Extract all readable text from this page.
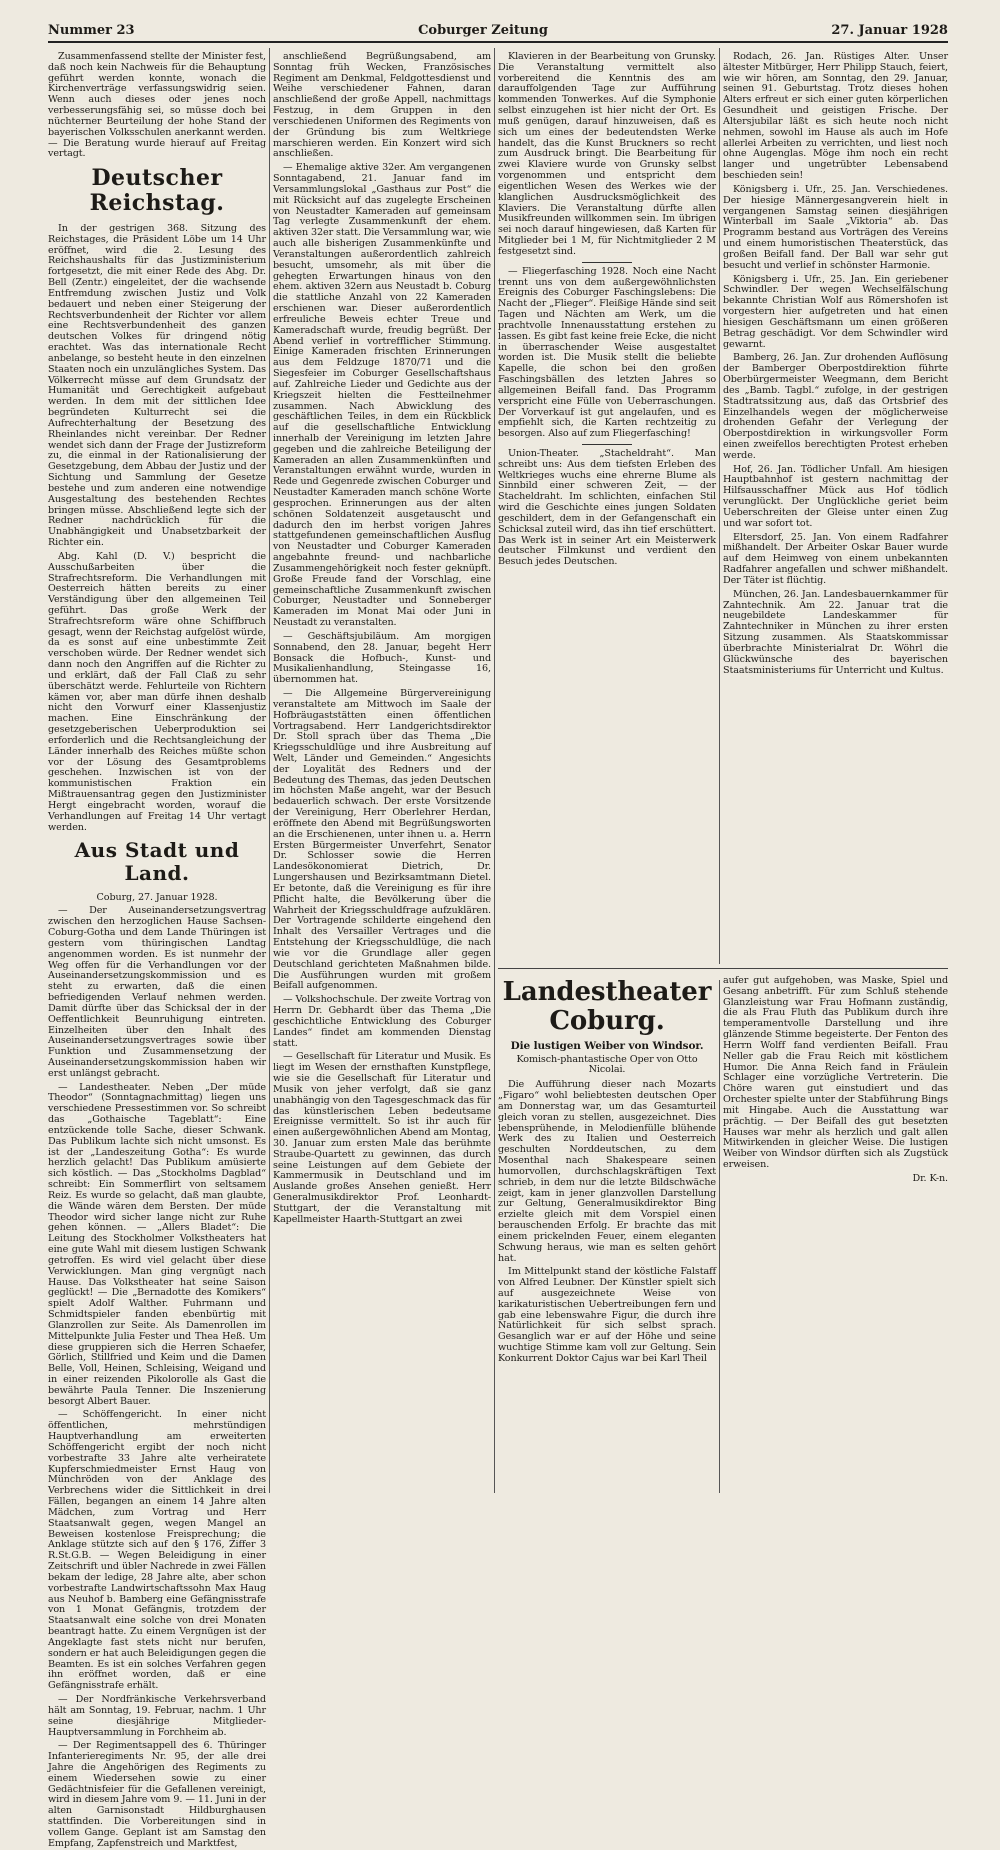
Nummer 23	Coburger Zeitung	27. Januar 1928

Zusammenfassend stellte der Minister fest, daß noch kein Nachweis für die Behauptung geführt werden konnte, wonach die Kirchenverträge verfassungswidrig seien. Wenn auch dieses oder jenes noch verbesserungsfähig sei, so müsse doch bei nüchterner Beurteilung der hohe Stand der bayerischen Volksschulen anerkannt werden. — Die Beratung wurde hierauf auf Freitag vertagt.

Deutscher Reichstag.

In der gestrigen 368. Sitzung des Reichstages, die Präsident Löbe um 14 Uhr eröffnet, wird die 2. Lesung des Reichshaushalts für das Justizministerium fortgesetzt, die mit einer Rede des Abg. Dr. Bell (Zentr.) eingeleitet, der die wachsende Entfremdung zwischen Justiz und Volk bedauert und neben einer Steigerung der Rechtsverbundenheit der Richter vor allem eine Rechtsverbundenheit des ganzen deutschen Volkes für dringend nötig erachtet. Was das internationale Recht anbelange, so besteht heute in den einzelnen Staaten noch ein unzulängliches System. Das Völkerrecht müsse auf dem Grundsatz der Humanität und Gerechtigkeit aufgebaut werden. In dem mit der sittlichen Idee begründeten Kulturrecht sei die Aufrechterhaltung der Besetzung des Rheinlandes nicht vereinbar. Der Redner wendet sich dann der Frage der Justizreform zu, die einmal in der Rationalisierung der Gesetzgebung, dem Abbau der Justiz und der Sichtung und Sammlung der Gesetze bestehe und zum anderen eine notwendige Ausgestaltung des bestehenden Rechtes bringen müsse. Abschließend legte sich der Redner nachdrücklich für die Unabhängigkeit und Unabsetzbarkeit der Richter ein.

Abg. Kahl (D. V.) bespricht die Ausschußarbeiten über die Strafrechtsreform. Die Verhandlungen mit Oesterreich hätten bereits zu einer Verständigung über den allgemeinen Teil geführt. Das große Werk der Strafrechtsreform wäre ohne Schiffbruch gesagt, wenn der Reichstag aufgelöst würde, da es sonst auf eine unbestimmte Zeit verschoben würde. Der Redner wendet sich dann noch den Angriffen auf die Richter zu und erklärt, daß der Fall Claß zu sehr überschätzt werde. Fehlurteile von Richtern kämen vor, aber man dürfe ihnen deshalb nicht den Vorwurf einer Klassenjustiz machen. Eine Einschränkung der gesetzgeberischen Ueberproduktion sei erforderlich und die Rechtsangleichung der Länder innerhalb des Reiches müßte schon vor der Lösung des Gesamtproblems geschehen. Inzwischen ist von der kommunistischen Fraktion ein Mißtrauensantrag gegen den Justizminister Hergt eingebracht worden, worauf die Verhandlungen auf Freitag 14 Uhr vertagt werden.

Aus Stadt und Land.

Coburg, 27. Januar 1928.

— Der Auseinandersetzungsvertrag zwischen den herzoglichen Hause Sachsen-Coburg-Gotha und dem Lande Thüringen ist gestern vom thüringischen Landtag angenommen worden. Es ist nunmehr der Weg offen für die Verhandlungen vor der Auseinandersetzungskommission und es steht zu erwarten, daß die einen befriedigenden Verlauf nehmen werden. Damit dürfte über das Schicksal der in der Oeffentlichkeit Beunruhigung eintreten. Einzelheiten über den Inhalt des Auseinandersetzungsvertrages sowie über Funktion und Zusammensetzung der Auseinandersetzungskommission haben wir erst unlängst gebracht.

— Landestheater. Neben „Der müde Theodor“ (Sonntagnachmittag) liegen uns verschiedene Pressestimmen vor. So schreibt das „Gothaische Tageblatt“: Eine entzückende tolle Sache, dieser Schwank. Das Publikum lachte sich nicht umsonst. Es ist der „Landeszeitung Gotha“: Es wurde herzlich gelacht! Das Publikum amüsierte sich köstlich. — Das „Stockholms Dagblad“ schreibt: Ein Sommerflirt von seltsamem Reiz. Es wurde so gelacht, daß man glaubte, die Wände wären dem Bersten. Der müde Theodor wird sicher lange nicht zur Ruhe gehen können. — „Allers Bladet“: Die Leitung des Stockholmer Volkstheaters hat eine gute Wahl mit diesem lustigen Schwank getroffen. Es wird viel gelacht über diese Verwicklungen. Man ging vergnügt nach Hause. Das Volkstheater hat seine Saison geglückt! — Die „Bernadotte des Komikers“ spielt Adolf Walther. Fuhrmann und Schmidtspieler fanden ebenbürtig mit Glanzrollen zur Seite. Als Damenrollen im Mittelpunkte Julia Fester und Thea Heß. Um diese gruppieren sich die Herren Schaefer, Görlich, Stillfried und Keim und die Damen Belle, Voll, Heinen, Schleising, Weigand und in einer reizenden Pikolorolle als Gast die bewährte Paula Tenner. Die Inszenierung besorgt Albert Bauer.

— Schöffengericht. In einer nicht öffentlichen, mehrstündigen Hauptverhandlung am erweiterten Schöffengericht ergibt der noch nicht vorbestrafte 33 Jahre alte verheiratete Kupferschmiedmeister Ernst Haug von Münchröden von der Anklage des Verbrechens wider die Sittlichkeit in drei Fällen, begangen an einem 14 Jahre alten Mädchen, zum Vortrag und Herr Staatsanwalt gegen, wegen Mangel an Beweisen kostenlose Freisprechung; die Anklage stützte sich auf den § 176, Ziffer 3 R.St.G.B. — Wegen Beleidigung in einer Zeitschrift und übler Nachrede in zwei Fällen bekam der ledige, 28 Jahre alte, aber schon vorbestrafte Landwirtschaftssohn Max Haug aus Neuhof b. Bamberg eine Gefängnisstrafe von 1 Monat Gefängnis, trotzdem der Staatsanwalt eine solche von drei Monaten beantragt hatte. Zu einem Vergnügen ist der Angeklagte fast stets nicht nur berufen, sondern er hat auch Beleidigungen gegen die Beamten. Es ist ein solches Verfahren gegen ihn eröffnet worden, daß er eine Gefängnisstrafe erhält.

— Der Nordfränkische Verkehrsverband hält am Sonntag, 19. Februar, nachm. 1 Uhr seine diesjährige Mitglieder-Hauptversammlung in Forchheim ab.

— Der Regimentsappell des 6. Thüringer Infanterieregiments Nr. 95, der alle drei Jahre die Angehörigen des Regiments zu einem Wiedersehen sowie zu einer Gedächtnisfeier für die Gefallenen vereinigt, wird in diesem Jahre vom 9. — 11. Juni in der alten Garnisonstadt Hildburghausen stattfinden. Die Vorbereitungen sind in vollem Gange. Geplant ist am Samstag den Empfang, Zapfenstreich und Marktfest,

anschließend Begrüßungsabend, am Sonntag früh Wecken, Französisches Regiment am Denkmal, Feldgottesdienst und Weihe verschiedener Fahnen, daran anschließend der große Appell, nachmittags Festzug, in dem Gruppen in den verschiedenen Uniformen des Regiments von der Gründung bis zum Weltkriege marschieren werden. Ein Konzert wird sich anschließen.

— Ehemalige aktive 32er. Am vergangenen Sonntagabend, 21. Januar fand im Versammlungslokal „Gasthaus zur Post“ die mit Rücksicht auf das zugelegte Erscheinen von Neustadter Kameraden auf gemeinsam Tag verlegte Zusammenkunft der ehem. aktiven 32er statt. Die Versammlung war, wie auch alle bisherigen Zusammenkünfte und Veranstaltungen außerordentlich zahlreich besucht, umsomehr, als mit über die gehegten Erwartungen hinaus von den ehem. aktiven 32ern aus Neustadt b. Coburg die stattliche Anzahl von 22 Kameraden erschienen war. Dieser außerordentlich erfreuliche Beweis echter Treue und Kameradschaft wurde, freudig begrüßt. Der Abend verlief in vortrefflicher Stimmung. Einige Kameraden frischten Erinnerungen aus dem Feldzuge 1870/71 und die Siegesfeier im Coburger Gesellschaftshaus auf. Zahlreiche Lieder und Gedichte aus der Kriegszeit hielten die Festteilnehmer zusammen. Nach Abwicklung des geschäftlichen Teiles, in dem ein Rückblick auf die gesellschaftliche Entwicklung innerhalb der Vereinigung im letzten Jahre gegeben und die zahlreiche Beteiligung der Kameraden an allen Zusammenkünften und Veranstaltungen erwähnt wurde, wurden in Rede und Gegenrede zwischen Coburger und Neustadter Kameraden manch schöne Worte gesprochen. Erinnerungen aus der alten schönen Soldatenzeit ausgetauscht und dadurch den im herbst vorigen Jahres stattgefundenen gemeinschaftlichen Ausflug von Neustadter und Coburger Kameraden angebahnte freund- und nachbarliche Zusammengehörigkeit noch fester geknüpft. Große Freude fand der Vorschlag, eine gemeinschaftliche Zusammenkunft zwischen Coburger, Neustadter und Sonneberger Kameraden im Monat Mai oder Juni in Neustadt zu veranstalten.

— Geschäftsjubiläum. Am morgigen Sonnabend, den 28. Januar, begeht Herr Bonsack die Hofbuch-, Kunst- und Musikalienhandlung, Steingasse 16, übernommen hat.

— Die Allgemeine Bürgervereinigung veranstaltete am Mittwoch im Saale der Hofbräugaststätten einen öffentlichen Vortragsabend. Herr Landgerichtsdirektor Dr. Stoll sprach über das Thema „Die Kriegsschuldlüge und ihre Ausbreitung auf Welt, Länder und Gemeinden.“ Angesichts der Loyalität des Redners und der Bedeutung des Themas, das jeden Deutschen im höchsten Maße angeht, war der Besuch bedauerlich schwach. Der erste Vorsitzende der Vereinigung, Herr Oberlehrer Herdan, eröffnete den Abend mit Begrüßungsworten an die Erschienenen, unter ihnen u. a. Herrn Ersten Bürgermeister Unverfehrt, Senator Dr. Schlosser sowie die Herren Landesökonomierat Dietrich, Dr. Lungershausen und Bezirksamtmann Dietel. Er betonte, daß die Vereinigung es für ihre Pflicht halte, die Bevölkerung über die Wahrheit der Kriegsschuldfrage aufzuklären. Der Vortragende schilderte eingehend den Inhalt des Versailler Vertrages und die Entstehung der Kriegsschuldlüge, die nach wie vor die Grundlage aller gegen Deutschland gerichteten Maßnahmen bilde. Die Ausführungen wurden mit großem Beifall aufgenommen.

— Volkshochschule. Der zweite Vortrag von Herrn Dr. Gebhardt über das Thema „Die geschichtliche Entwicklung des Coburger Landes“ findet am kommenden Dienstag statt.

— Gesellschaft für Literatur und Musik. Es liegt im Wesen der ernsthaften Kunstpflege, wie sie die Gesellschaft für Literatur und Musik von jeher verfolgt, daß sie ganz unabhängig von den Tagesgeschmack das für das künstlerischen Leben bedeutsame Ereignisse vermittelt. So ist ihr auch für einen außergewöhnlichen Abend am Montag, 30. Januar zum ersten Male das berühmte Straube-Quartett zu gewinnen, das durch seine Leistungen auf dem Gebiete der Kammermusik in Deutschland und im Auslande großes Ansehen genießt. Herr Generalmusikdirektor Prof. Leonhardt-Stuttgart, der die Veranstaltung mit Kapellmeister Haarth-Stuttgart an zwei

Klavieren in der Bearbeitung von Grunsky. Die Veranstaltung vermittelt also vorbereitend die Kenntnis des am darauffolgenden Tage zur Aufführung kommenden Tonwerkes. Auf die Symphonie selbst einzugehen ist hier nicht der Ort. Es muß genügen, darauf hinzuweisen, daß es sich um eines der bedeutendsten Werke handelt, das die Kunst Bruckners so recht zum Ausdruck bringt. Die Bearbeitung für zwei Klaviere wurde von Grunsky selbst vorgenommen und entspricht dem eigentlichen Wesen des Werkes wie der klanglichen Ausdrucksmöglichkeit des Klaviers. Die Veranstaltung dürfte allen Musikfreunden willkommen sein. Im übrigen sei noch darauf hingewiesen, daß Karten für Mitglieder bei 1 M, für Nichtmitglieder 2 M festgesetzt sind.

— Fliegerfasching 1928. Noch eine Nacht trennt uns von dem außergewöhnlichsten Ereignis des Coburger Faschingslebens: Die Nacht der „Flieger“. Fleißige Hände sind seit Tagen und Nächten am Werk, um die prachtvolle Innenausstattung erstehen zu lassen. Es gibt fast keine freie Ecke, die nicht in überraschender Weise ausgestaltet worden ist. Die Musik stellt die beliebte Kapelle, die schon bei den großen Faschingsbällen des letzten Jahres so allgemeinen Beifall fand. Das Programm verspricht eine Fülle von Ueberraschungen. Der Vorverkauf ist gut angelaufen, und es empfiehlt sich, die Karten rechtzeitig zu besorgen. Also auf zum Fliegerfasching!

Union-Theater. „Stacheldraht“. Man schreibt uns: Aus dem tiefsten Erleben des Weltkrieges wuchs eine ehrerne Blume als Sinnbild einer schweren Zeit, — der Stacheldraht. Im schlichten, einfachen Stil wird die Geschichte eines jungen Soldaten geschildert, dem in der Gefangenschaft ein Schicksal zuteil wird, das ihn tief erschüttert. Das Werk ist in seiner Art ein Meisterwerk deutscher Filmkunst und verdient den Besuch jedes Deutschen.

Rodach, 26. Jan. Rüstiges Alter. Unser ältester Mitbürger, Herr Philipp Stauch, feiert, wie wir hören, am Sonntag, den 29. Januar, seinen 91. Geburtstag. Trotz dieses hohen Alters erfreut er sich einer guten körperlichen Gesundheit und geistigen Frische. Der Altersjubilar läßt es sich heute noch nicht nehmen, sowohl im Hause als auch im Hofe allerlei Arbeiten zu verrichten, und liest noch ohne Augenglas. Möge ihm noch ein recht langer und ungetrübter Lebensabend beschieden sein!

Königsberg i. Ufr., 25. Jan. Verschiedenes. Der hiesige Männergesangverein hielt in vergangenen Samstag seinen diesjährigen Winterball im Saale „Viktoria“ ab. Das Programm bestand aus Vorträgen des Vereins und einem humoristischen Theaterstück, das großen Beifall fand. Der Ball war sehr gut besucht und verlief in schönster Harmonie.

Königsberg i. Ufr., 25. Jan. Ein geriebener Schwindler. Der wegen Wechselfälschung bekannte Christian Wolf aus Römershofen ist vorgestern hier aufgetreten und hat einen hiesigen Geschäftsmann um einen größeren Betrag geschädigt. Vor dem Schwindler wird gewarnt.

Bamberg, 26. Jan. Zur drohenden Auflösung der Bamberger Oberpostdirektion führte Oberbürgermeister Weegmann, dem Bericht des „Bamb. Tagbl.“ zufolge, in der gestrigen Stadtratssitzung aus, daß das Ortsbrief des Einzelhandels wegen der möglicherweise drohenden Gefahr der Verlegung der Oberpostdirektion in wirkungsvoller Form einen zweifellos berechtigten Protest erheben werde.

Hof, 26. Jan. Tödlicher Unfall. Am hiesigen Hauptbahnhof ist gestern nachmittag der Hilfsausschaffner Mück aus Hof tödlich verunglückt. Der Unglückliche geriet beim Ueberschreiten der Gleise unter einen Zug und war sofort tot.

Eltersdorf, 25. Jan. Von einem Radfahrer mißhandelt. Der Arbeiter Oskar Bauer wurde auf dem Heimweg von einem unbekannten Radfahrer angefallen und schwer mißhandelt. Der Täter ist flüchtig.

München, 26. Jan. Landesbauernkammer für Zahntechnik. Am 22. Januar trat die neugebildete Landeskammer für Zahntechniker in München zu ihrer ersten Sitzung zusammen. Als Staatskommissar überbrachte Ministerialrat Dr. Wöhrl die Glückwünsche des bayerischen Staatsministeriums für Unterricht und Kultus.

Landestheater Coburg.
Die lustigen Weiber von Windsor.
Komisch-phantastische Oper von Otto Nicolai.

Die Aufführung dieser nach Mozarts „Figaro“ wohl beliebtesten deutschen Oper am Donnerstag war, um das Gesamturteil gleich voran zu stellen, ausgezeichnet. Dies lebensprühende, in Melodienfülle blühende Werk des zu Italien und Oesterreich geschulten Norddeutschen, zu dem Mosenthal nach Shakespeare seinen humorvollen, durchschlagskräftigen Text schrieb, in dem nur die letzte Bildschwäche zeigt, kam in jener glanzvollen Darstellung zur Geltung, Generalmusikdirektor Bing erzielte gleich mit dem Vorspiel einen berauschenden Erfolg. Er brachte das mit einem prickelnden Feuer, einem eleganten Schwung heraus, wie man es selten gehört hat.

Im Mittelpunkt stand der köstliche Falstaff von Alfred Leubner. Der Künstler spielt sich auf ausgezeichnete Weise von karikaturistischen Uebertreibungen fern und gab eine lebenswahre Figur, die durch ihre Natürlichkeit für sich selbst sprach. Gesanglich war er auf der Höhe und seine wuchtige Stimme kam voll zur Geltung. Sein Konkurrent Doktor Cajus war bei Karl Theil

aufer gut aufgehoben, was Maske, Spiel und Gesang anbetrifft. Für zum Schluß stehende Glanzleistung war Frau Hofmann zuständig, die als Frau Fluth das Publikum durch ihre temperamentvolle Darstellung und ihre glänzende Stimme begeisterte. Der Fenton des Herrn Wolff fand verdienten Beifall. Frau Neller gab die Frau Reich mit köstlichem Humor. Die Anna Reich fand in Fräulein Schlager eine vorzügliche Vertreterin. Die Chöre waren gut einstudiert und das Orchester spielte unter der Stabführung Bings mit Hingabe. Auch die Ausstattung war prächtig. — Der Beifall des gut besetzten Hauses war mehr als herzlich und galt allen Mitwirkenden in gleicher Weise. Die lustigen Weiber von Windsor dürften sich als Zugstück erweisen.

Dr. K-n.
